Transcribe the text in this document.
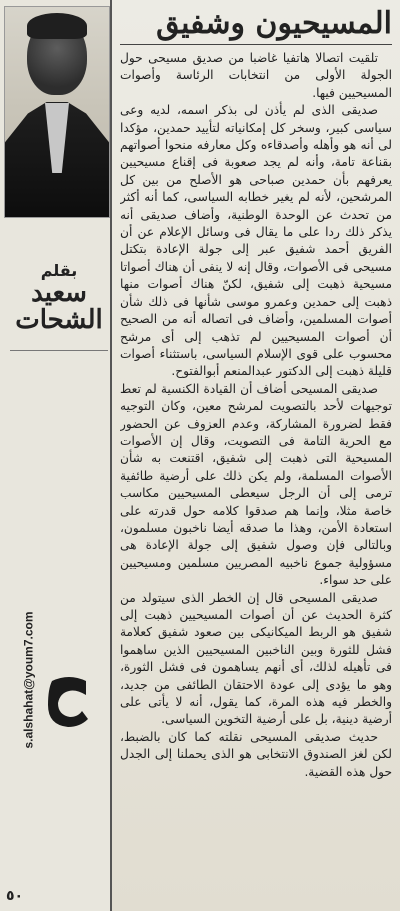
بقلم
سعيد الشحات
s.alshahat@youm7.com
المسيحيون وشفيق

تلقيت اتصالا هاتفيا غاضبا من صديق مسيحى حول الجولة الأولى من انتخابات الرئاسة وأصوات المسيحيين فيها.

صديقى الذى لم يأذن لى بذكر اسمه، لديه وعى سياسى كبير، وسخر كل إمكانياته لتأييد حمدين، مؤكدا لى أنه هو وأهله وأصدقاءه وكل معارفه منحوا أصواتهم بقناعة تامة، وأنه لم يجد صعوبة فى إقناع مسيحيين يعرفهم بأن حمدين صباحى هو الأصلح من بين كل المرشحين، لأنه لم يغير خطابه السياسى، كما أنه أكثر من تحدث عن الوحدة الوطنية، وأضاف صديقى أنه يذكر ذلك ردا على ما يقال فى وسائل الإعلام عن أن الفريق أحمد شفيق عبر إلى جولة الإعادة بتكتل مسيحى فى الأصوات، وقال إنه لا ينفى أن هناك أصواتا مسيحية ذهبت إلى شفيق، لكنّ هناك أصوات منها ذهبت إلى حمدين وعمرو موسى شأنها فى ذلك شأن أصوات المسلمين، وأضاف فى اتصاله أنه من الصحيح أن أصوات المسيحيين لم تذهب إلى أى مرشح محسوب على قوى الإسلام السياسى، باستثناء أصوات قليلة ذهبت إلى الدكتور عبدالمنعم أبوالفتوح.

صديقى المسيحى أضاف أن القيادة الكنسية لم تعط توجيهات لأحد بالتصويت لمرشح معين، وكان التوجيه فقط لضرورة المشاركة، وعدم العزوف عن الحضور مع الحرية التامة فى التصويت، وقال إن الأصوات المسيحية التى ذهبت إلى شفيق، اقتنعت به شأن الأصوات المسلمة، ولم يكن ذلك على أرضية طائفية ترمى إلى أن الرجل سيعطى المسيحيين مكاسب خاصة مثلا، وإنما هم صدقوا كلامه حول قدرته على استعادة الأمن، وهذا ما صدقه أيضا ناخبون مسلمون، وبالتالى فإن وصول شفيق إلى جولة الإعادة هى مسؤولية جموع ناخبيه المصريين مسلمين ومسيحيين على حد سواء.

صديقى المسيحى قال إن الخطر الذى سيتولد من كثرة الحديث عن أن أصوات المسيحيين ذهبت إلى شفيق هو الربط الميكانيكى بين صعود شفيق كعلامة فشل للثورة وبين الناخبين المسيحيين الذين ساهموا فى تأهيله لذلك، أى أنهم يساهمون فى فشل الثورة، وهو ما يؤدى إلى عودة الاحتقان الطائفى من جديد، والخطر فيه هذه المرة، كما يقول، أنه لا يأتى على أرضية دينية، بل على أرضية التخوين السياسى.

حديث صديقى المسيحى نقلته كما كان بالضبط، لكن لغز الصندوق الانتخابى هو الذى يحملنا إلى الجدل حول هذه القضية.

٥٠
